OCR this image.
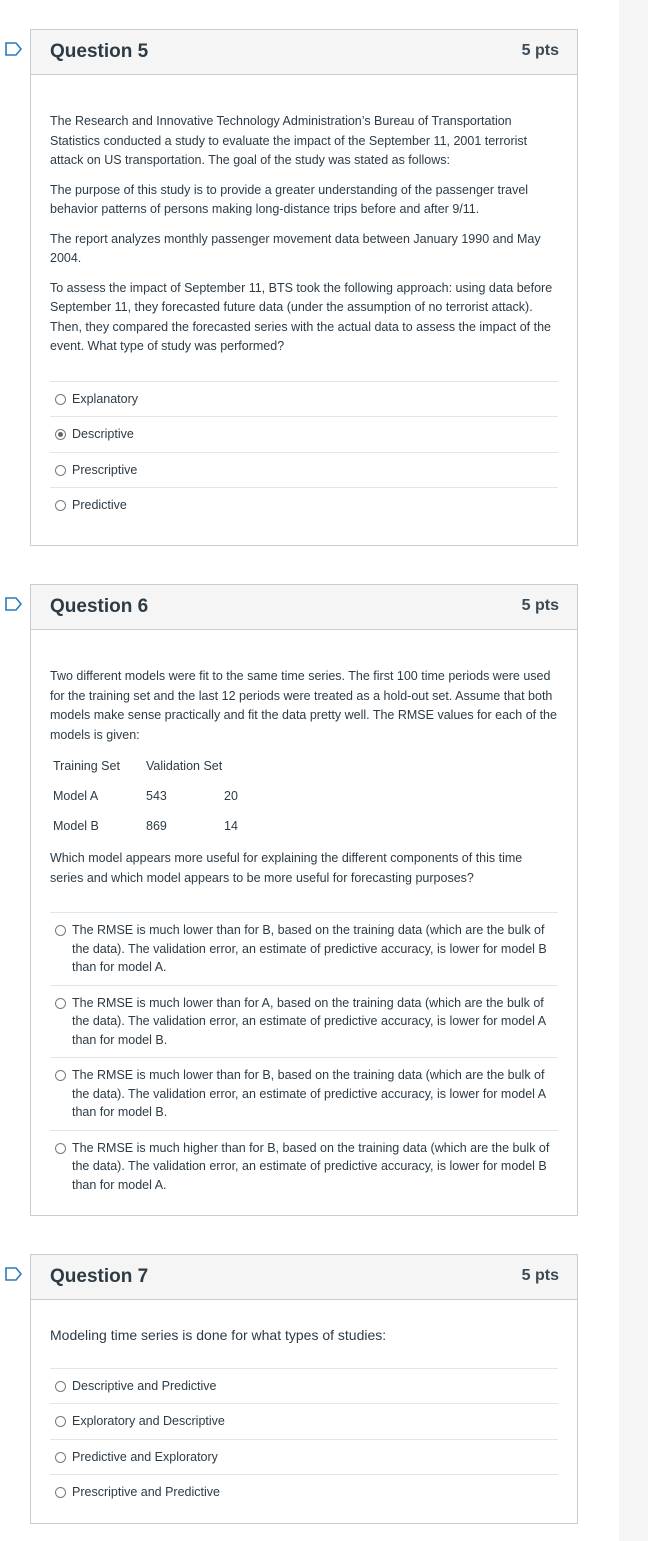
Question 5	5 pts

The Research and Innovative Technology Administration’s Bureau of Transportation Statistics conducted a study to evaluate the impact of the September 11, 2001 terrorist attack on US transportation. The goal of the study was stated as follows:

The purpose of this study is to provide a greater understanding of the passenger travel behavior patterns of persons making long-distance trips before and after 9/11.

The report analyzes monthly passenger movement data between January 1990 and May 2004.

To assess the impact of September 11, BTS took the following approach: using data before September 11, they forecasted future data (under the assumption of no terrorist attack). Then, they compared the forecasted series with the actual data to assess the impact of the event. What type of study was performed?

Explanatory
Descriptive
Prescriptive
Predictive
Question 6	5 pts

Two different models were fit to the same time series. The first 100 time periods were used for the training set and the last 12 periods were treated as a hold-out set. Assume that both models make sense practically and fit the data pretty well. The RMSE values for each of the models is given:

Training Set	Validation Set	
Model A	543	20
Model B	869	14

Which model appears more useful for explaining the different components of this time series and which model appears to be more useful for forecasting purposes?

The RMSE is much lower than for B, based on the training data (which are the bulk of the data). The validation error, an estimate of predictive accuracy, is lower for model B than for model A.
The RMSE is much lower than for A, based on the training data (which are the bulk of the data). The validation error, an estimate of predictive accuracy, is lower for model A than for model B.
The RMSE is much lower than for B, based on the training data (which are the bulk of the data). The validation error, an estimate of predictive accuracy, is lower for model A than for model B.
The RMSE is much higher than for B, based on the training data (which are the bulk of the data). The validation error, an estimate of predictive accuracy, is lower for model B than for model A.
Question 7	5 pts

Modeling time series is done for what types of studies:

Descriptive and Predictive
Exploratory and Descriptive
Predictive and Exploratory
Prescriptive and Predictive
